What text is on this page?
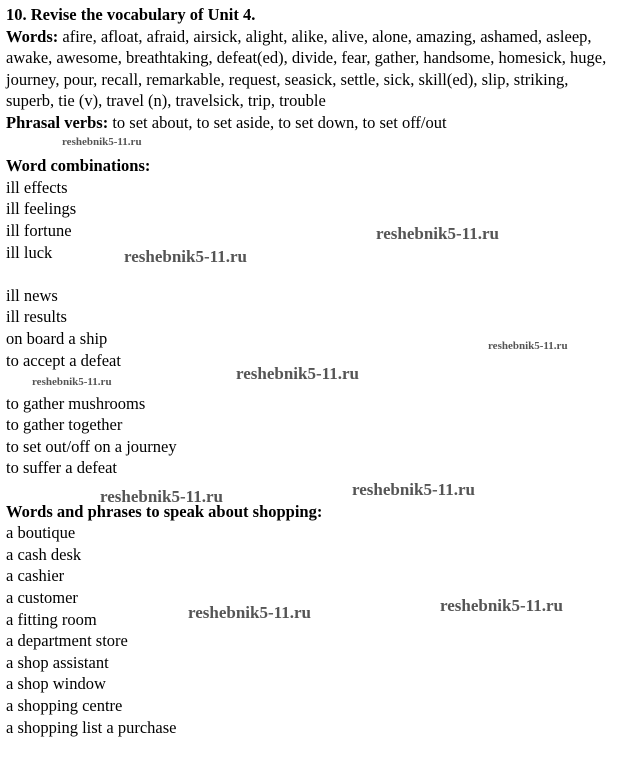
10. Revise the vocabulary of Unit 4.
Words: afire, afloat, afraid, airsick, alight, alike, alive, alone, amazing, ashamed, asleep, awake, awesome, breathtaking, defeat(ed), divide, fear, gather, handsome, homesick, huge, journey, pour, recall, remarkable, request, seasick, settle, sick, skill(ed), slip, striking, superb, tie (v), travel (n), travelsick, trip, trouble
Phrasal verbs: to set about, to set aside, to set down, to set off/out
Word combinations:
ill effects
ill feelings
ill fortune
ill luck
ill news
ill results
on board a ship
to accept a defeat
to gather mushrooms
to gather together
to set out/off on a journey
to suffer a defeat
Words and phrases to speak about shopping:
a boutique
a cash desk
a cashier
a customer
a fitting room
a department store
a shop assistant
a shop window
a shopping centre
a shopping list a purchase
reshebnik5-11.ru
reshebnik5-11.ru
reshebnik5-11.ru
reshebnik5-11.ru
reshebnik5-11.ru
reshebnik5-11.ru
reshebnik5-11.ru	reshebnik5-11.ru
reshebnik5-11.ru	reshebnik5-11.ru
